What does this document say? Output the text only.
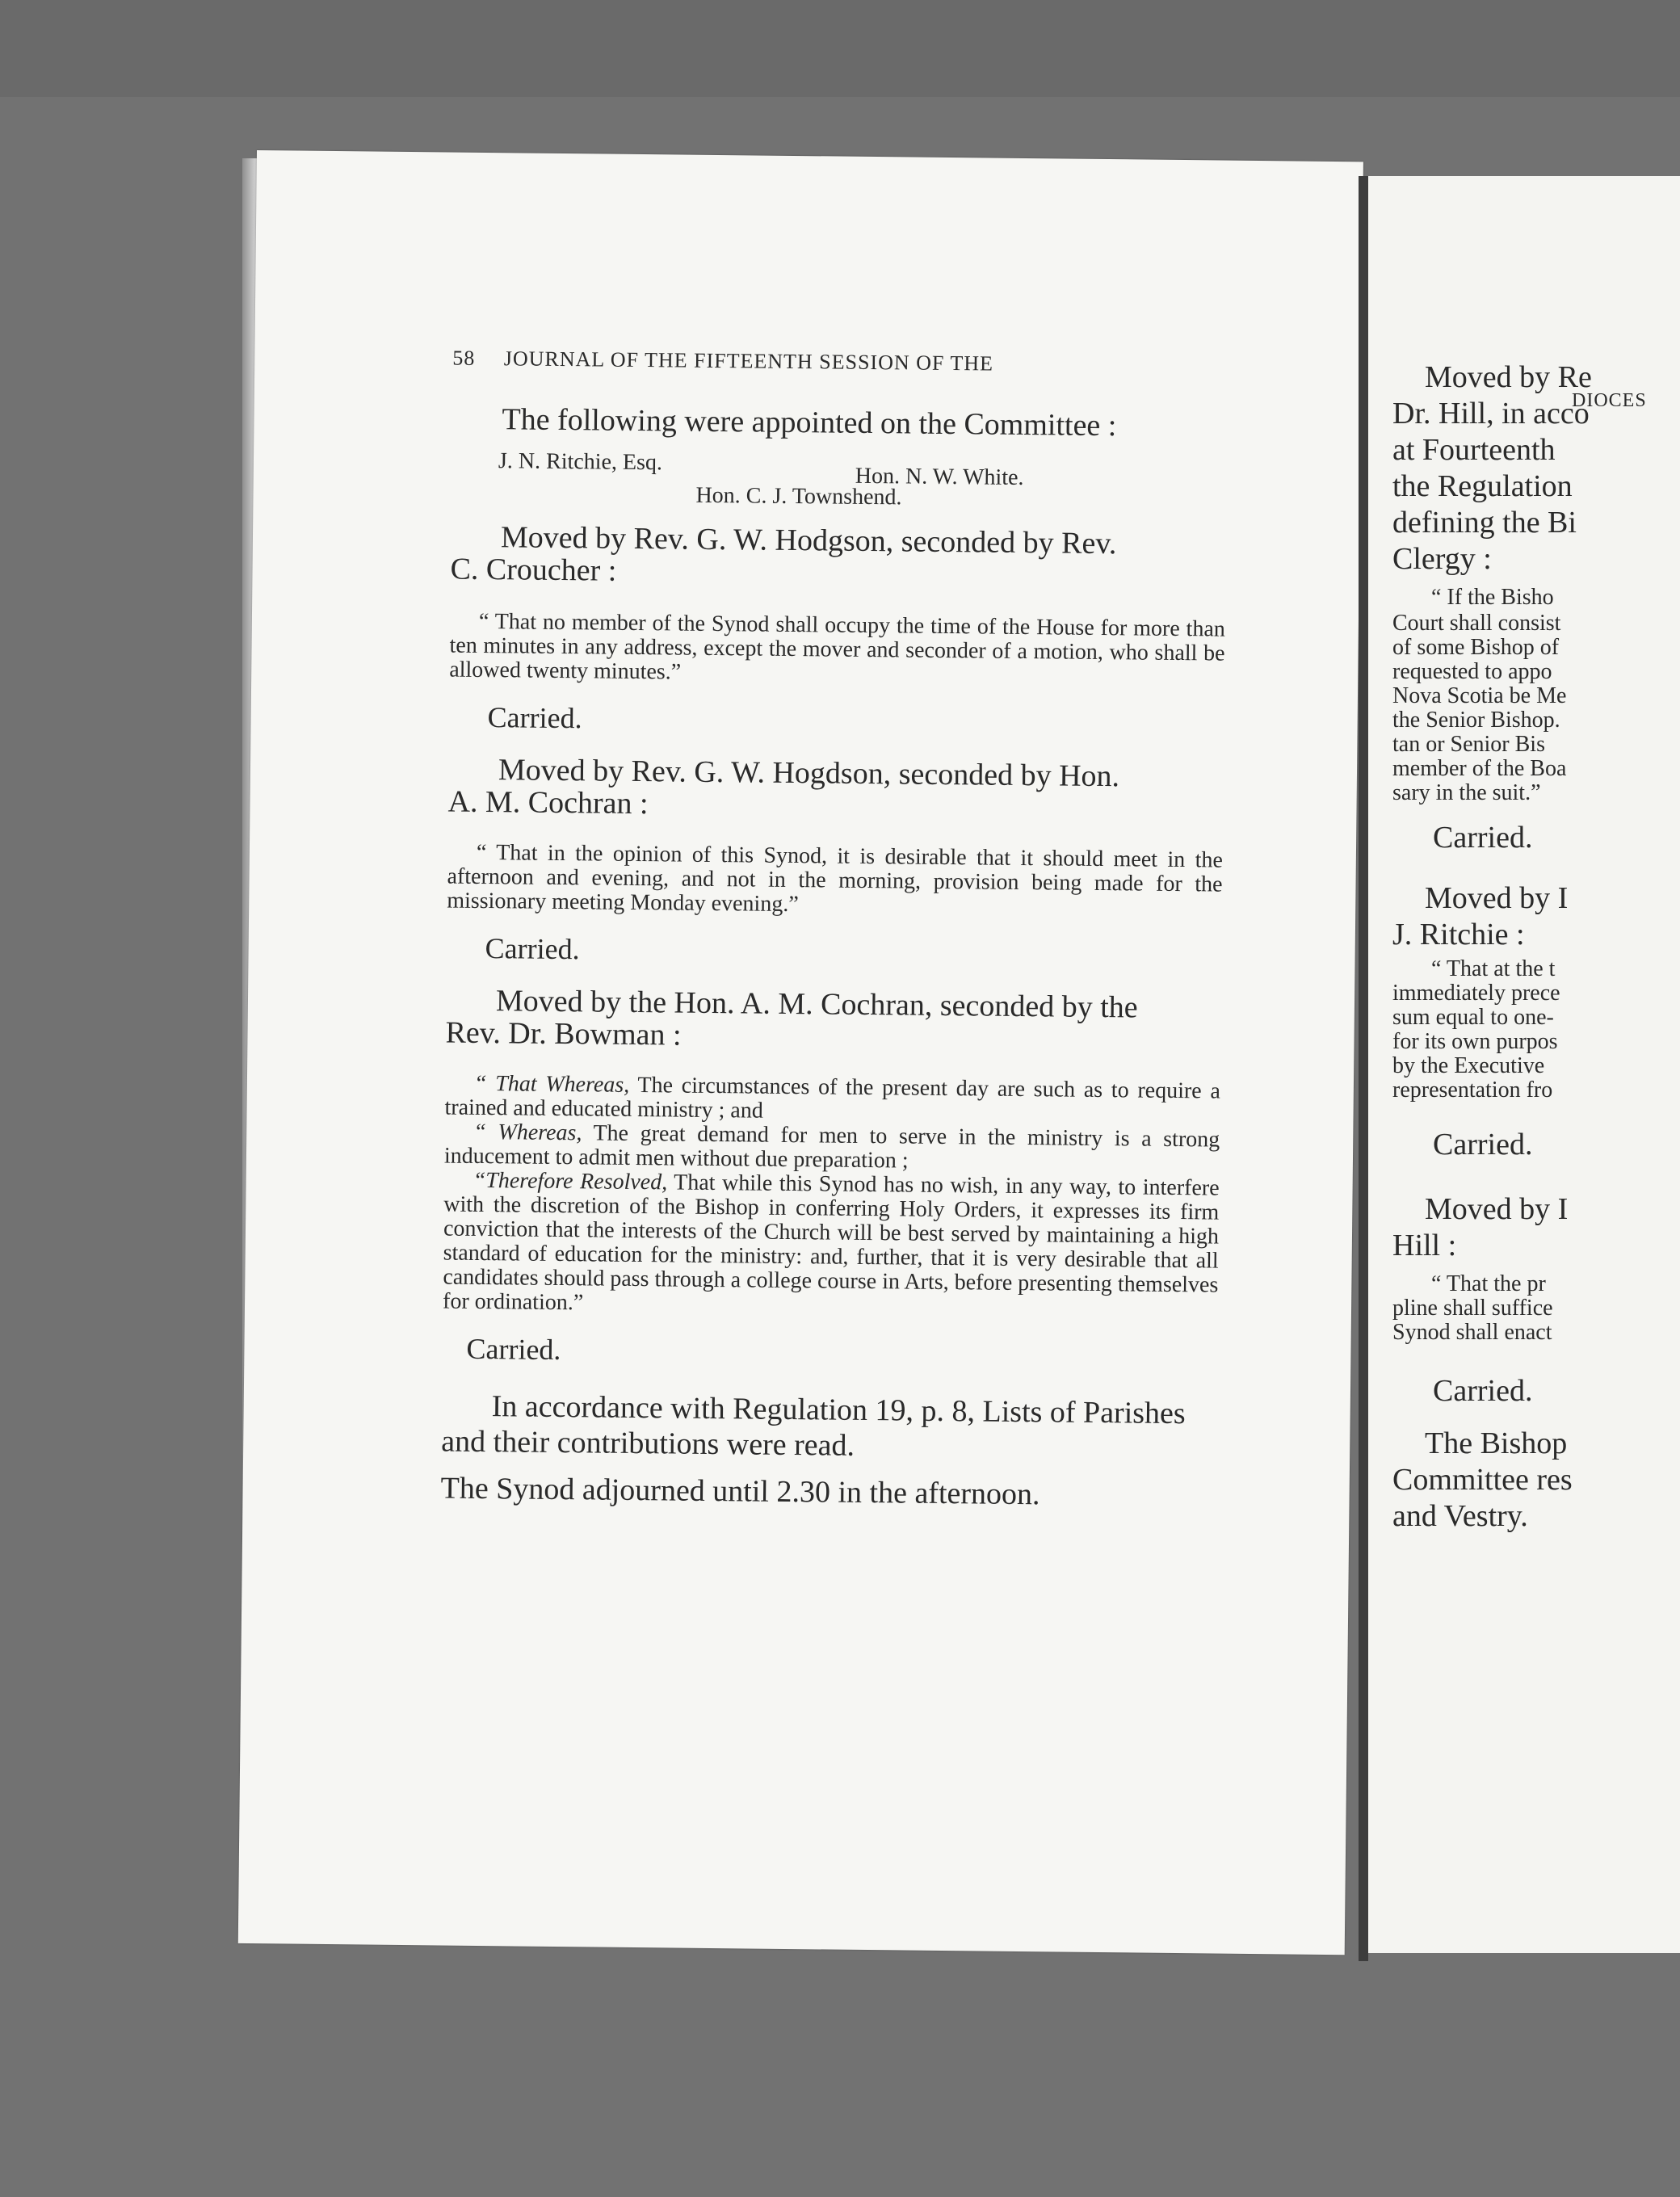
58 JOURNAL OF THE FIFTEENTH SESSION OF THE
The following were appointed on the Committee :
J. N. Ritchie, Esq.
Hon. N. W. White.
Hon. C. J. Townshend.
Moved by Rev. G. W. Hodgson, seconded by Rev.
C. Croucher :

“ That no member of the Synod shall occupy the time of the House for more than ten minutes in any address, except the mover and seconder of a motion, who shall be allowed twenty minutes.”

Carried.
Moved by Rev. G. W. Hogdson, seconded by Hon.
A. M. Cochran :

“ That in the opinion of this Synod, it is desirable that it should meet in the afternoon and evening, and not in the morning, provision being made for the missionary meeting Monday evening.”

Carried.
Moved by the Hon. A. M. Cochran, seconded by the
Rev. Dr. Bowman :

“ That Whereas, The circumstances of the present day are such as to require a trained and educated ministry ; and

“ Whereas, The great demand for men to serve in the ministry is a strong inducement to admit men without due preparation ;

“Therefore Resolved, That while this Synod has no wish, in any way, to interfere with the discretion of the Bishop in conferring Holy Orders, it expresses its firm conviction that the interests of the Church will be best served by maintaining a high standard of education for the ministry: and, further, that it is very desirable that all candidates should pass through a college course in Arts, before presenting themselves for ordination.”

Carried.
In accordance with Regulation 19, p. 8, Lists of Parishes and their contributions were read.
The Synod adjourned until 2.30 in the afternoon.
DIOCES
Moved by Re
Dr. Hill, in acco
at Fourteenth
the Regulation
defining the Bi
Clergy :
“ If the Bisho
Court shall consist
of some Bishop of
requested to appo
Nova Scotia be Me
the Senior Bishop.
tan or Senior Bis
member of the Boa
sary in the suit.”
Carried.
Moved by I
J. Ritchie :
“ That at the t
immediately prece
sum equal to one-
for its own purpos
by the Executive
representation fro
Carried.
Moved by I
Hill :
“ That the pr
pline shall suffice
Synod shall enact
Carried.
The Bishop
Committee res
and Vestry.
